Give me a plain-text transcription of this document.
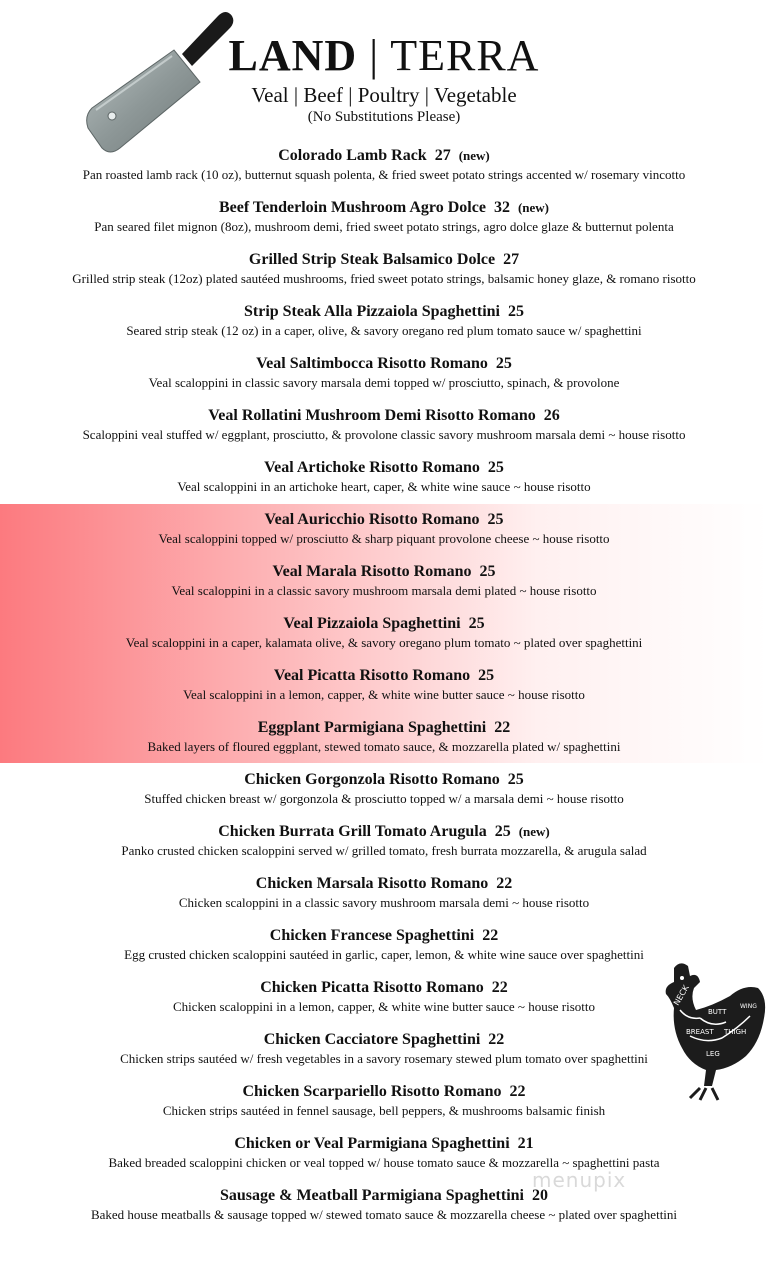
LAND | TERRA
Veal | Beef | Poultry | Vegetable
(No Substitutions Please)
Colorado Lamb Rack 27 (new)
Pan roasted lamb rack (10 oz), butternut squash polenta, & fried sweet potato strings accented w/ rosemary vincotto
Beef Tenderloin Mushroom Agro Dolce 32 (new)
Pan seared filet mignon (8oz), mushroom demi, fried sweet potato strings, agro dolce glaze & butternut polenta
Grilled Strip Steak Balsamico Dolce 27
Grilled strip steak (12oz) plated sautéed mushrooms, fried sweet potato strings, balsamic honey glaze, & romano risotto
Strip Steak Alla Pizzaiola Spaghettini 25
Seared strip steak (12 oz) in a caper, olive, & savory oregano red plum tomato sauce w/ spaghettini
Veal Saltimbocca Risotto Romano 25
Veal scaloppini in classic savory marsala demi topped w/ prosciutto, spinach, & provolone
Veal Rollatini Mushroom Demi Risotto Romano 26
Scaloppini veal stuffed w/ eggplant, prosciutto, & provolone classic savory mushroom marsala demi ~ house risotto
Veal Artichoke Risotto Romano 25
Veal scaloppini in an artichoke heart, caper, & white wine sauce ~ house risotto
Veal Auricchio Risotto Romano 25
Veal scaloppini topped w/ prosciutto & sharp piquant provolone cheese ~ house risotto
Veal Marala Risotto Romano 25
Veal scaloppini in a classic savory mushroom marsala demi plated ~ house risotto
Veal Pizzaiola Spaghettini 25
Veal scaloppini in a caper, kalamata olive, & savory oregano plum tomato ~ plated over spaghettini
Veal Picatta Risotto Romano 25
Veal scaloppini in a lemon, capper, & white wine butter sauce ~ house risotto
Eggplant Parmigiana Spaghettini 22
Baked layers of floured eggplant, stewed tomato sauce, & mozzarella plated w/ spaghettini
Chicken Gorgonzola Risotto Romano 25
Stuffed chicken breast w/ gorgonzola & prosciutto topped w/ a marsala demi ~ house risotto
Chicken Burrata Grill Tomato Arugula 25 (new)
Panko crusted chicken scaloppini served w/ grilled tomato, fresh burrata mozzarella, & arugula salad
Chicken Marsala Risotto Romano 22
Chicken scaloppini in a classic savory mushroom marsala demi ~ house risotto
Chicken Francese Spaghettini 22
Egg crusted chicken scaloppini sautéed in garlic, caper, lemon, & white wine sauce over spaghettini
Chicken Picatta Risotto Romano 22
Chicken scaloppini in a lemon, capper, & white wine butter sauce ~ house risotto
Chicken Cacciatore Spaghettini 22
Chicken strips sautéed w/ fresh vegetables in a savory rosemary stewed plum tomato over spaghettini
Chicken Scarpariello Risotto Romano 22
Chicken strips sautéed in fennel sausage, bell peppers, & mushrooms balsamic finish
Chicken or Veal Parmigiana Spaghettini 21
Baked breaded scaloppini chicken or veal topped w/ house tomato sauce & mozzarella ~ spaghettini pasta
Sausage & Meatball Parmigiana Spaghettini 20
Baked house meatballs & sausage topped w/ stewed tomato sauce & mozzarella cheese ~ plated over spaghettini
NECK
BUTT
BREAST THIGH
LEG
WING
menupix
